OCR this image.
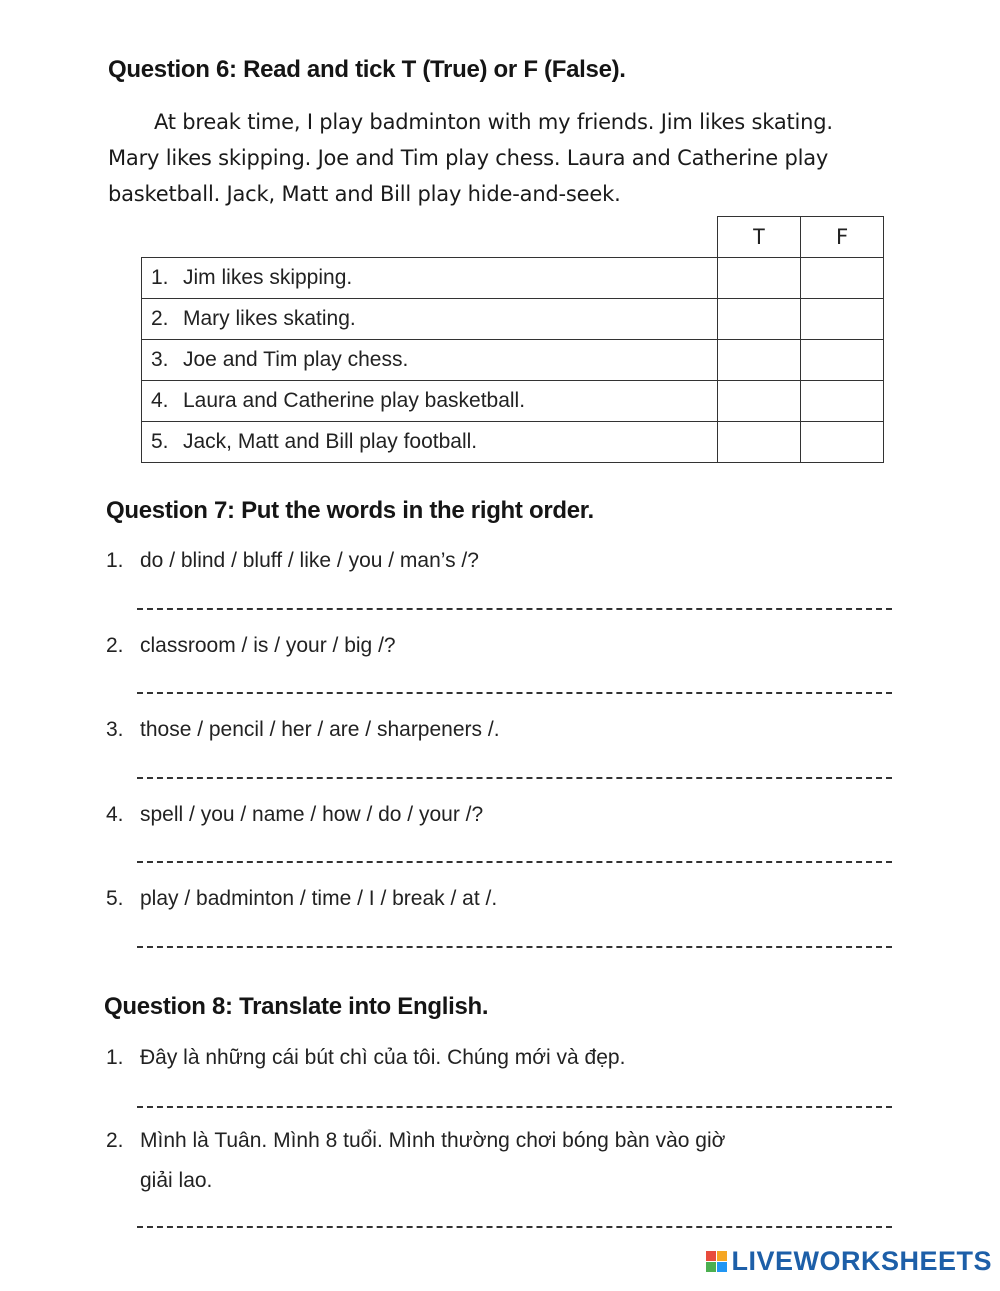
Question 6: Read and tick T (True) or F (False).

At break time, I play badminton with my friends. Jim likes skating.

Mary likes skipping. Joe and Tim play chess. Laura and Catherine play

basketball. Jack, Matt and Bill play hide-and-seek.

	T	F
1. Jim likes skipping.		
2. Mary likes skating.		
3. Joe and Tim play chess.		
4. Laura and Catherine play basketball.		
5. Jack, Matt and Bill play football.		
Question 7: Put the words in the right order.
1. do / blind / bluff / like / you / man’s /?
2. classroom / is / your / big /?
3. those / pencil / her / are / sharpeners /.
4. spell / you / name / how / do / your /?
5. play / badminton / time / I / break / at /.
Question 8: Translate into English.
1. Đây là những cái bút chì của tôi. Chúng mới và đẹp.
2. Mình là Tuân. Mình 8 tuổi. Mình thường chơi bóng bàn vào giờ
giải lao.
LIVEWORKSHEETS
